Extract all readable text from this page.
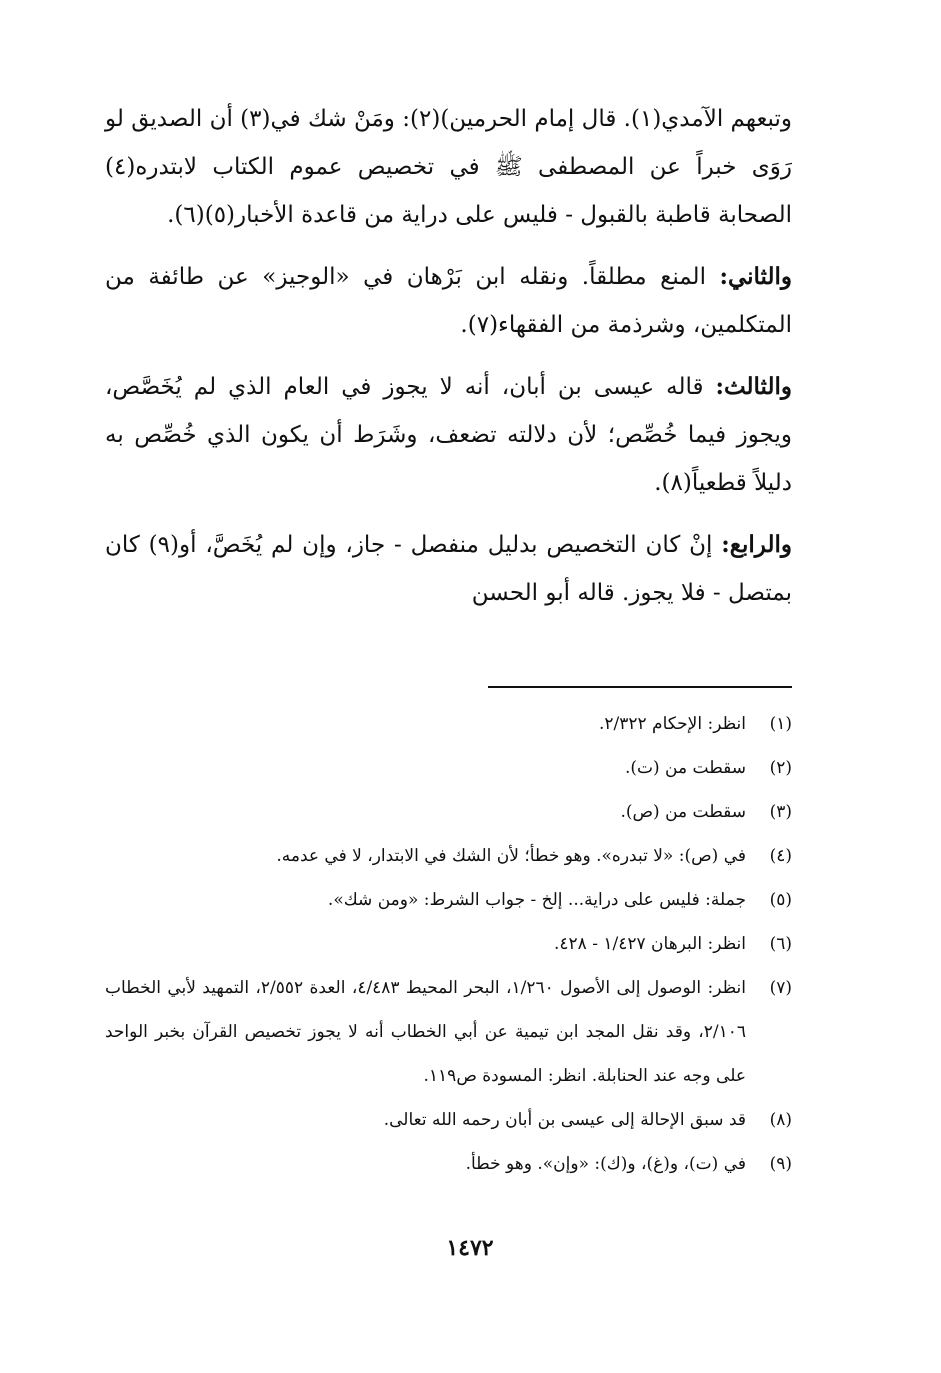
وتبعهم الآمدي(١). قال إمام الحرمين)(٢): ومَنْ شك في(٣) أن الصديق لو رَوَى خبراً عن المصطفى ﷺ في تخصيص عموم الكتاب لابتدره(٤) الصحابة قاطبة بالقبول - فليس على دراية من قاعدة الأخبار(٥)(٦).

والثاني: المنع مطلقاً. ونقله ابن بَرْهان في «الوجيز» عن طائفة من المتكلمين، وشرذمة من الفقهاء(٧).

والثالث: قاله عيسى بن أبان، أنه لا يجوز في العام الذي لم يُخَصَّص، ويجوز فيما خُصِّص؛ لأن دلالته تضعف، وشَرَط أن يكون الذي خُصِّص به دليلاً قطعياً(٨).

والرابع: إنْ كان التخصيص بدليل منفصل - جاز، وإن لم يُخَصَّ، أو(٩) كان بمتصل - فلا يجوز. قاله أبو الحسن

(١)
انظر: الإحكام ٢/٣٢٢.
(٢)
سقطت من (ت).
(٣)
سقطت من (ص).
(٤)
في (ص): «لا تبدره». وهو خطأ؛ لأن الشك في الابتدار، لا في عدمه.
(٥)
جملة: فليس على دراية... إلخ - جواب الشرط: «ومن شك».
(٦)
انظر: البرهان ١/٤٢٧ - ٤٢٨.
(٧)
انظر: الوصول إلى الأصول ١/٢٦٠، البحر المحيط ٤/٤٨٣، العدة ٢/٥٥٢، التمهيد لأبي الخطاب ٢/١٠٦، وقد نقل المجد ابن تيمية عن أبي الخطاب أنه لا يجوز تخصيص القرآن بخبر الواحد على وجه عند الحنابلة. انظر: المسودة ص١١٩.
(٨)
قد سبق الإحالة إلى عيسى بن أبان رحمه الله تعالى.
(٩)
في (ت)، و(غ)، و(ك): «وإن». وهو خطأ.
١٤٧٢
